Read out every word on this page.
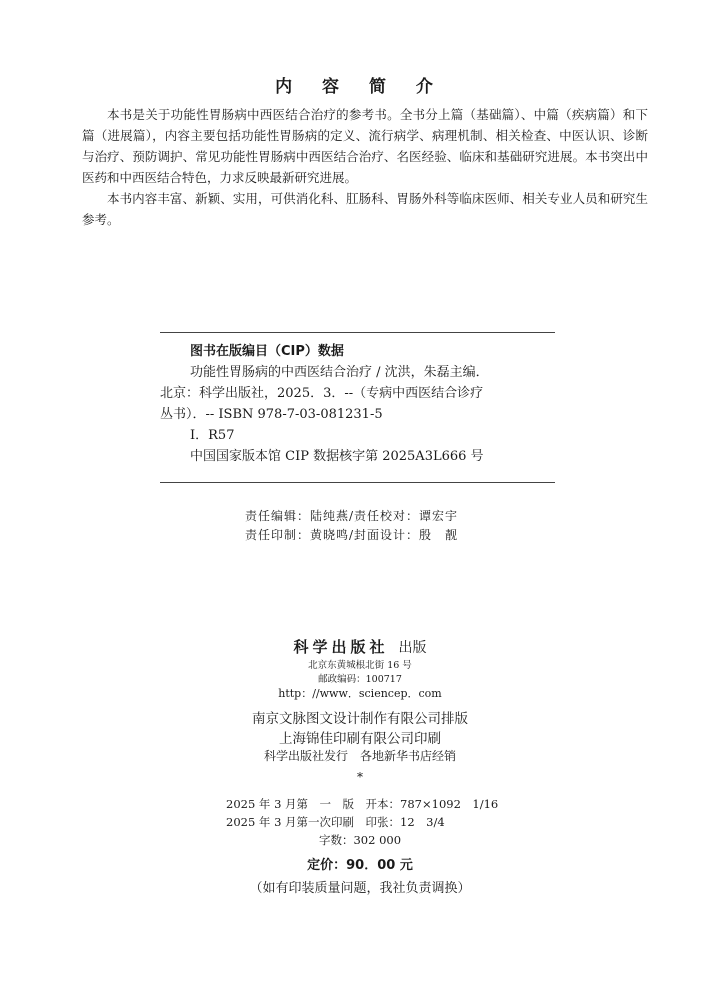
内 容 简 介

本书是关于功能性胃肠病中西医结合治疗的参考书。全书分上篇（基础篇）、中篇（疾病篇）和下篇（进展篇），内容主要包括功能性胃肠病的定义、流行病学、病理机制、相关检查、中医认识、诊断与治疗、预防调护、常见功能性胃肠病中西医结合治疗、名医经验、临床和基础研究进展。本书突出中医药和中西医结合特色，力求反映最新研究进展。

本书内容丰富、新颖、实用，可供消化科、肛肠科、胃肠外科等临床医师、相关专业人员和研究生参考。

图书在版编目（CIP）数据
功能性胃肠病的中西医结合治疗 / 沈洪，朱磊主编．
北京：科学出版社，2025．3．--（专病中西医结合诊疗
丛书）．-- ISBN 978-7-03-081231-5
Ⅰ．R57
中国国家版本馆 CIP 数据核字第 2025A3L666 号
责任编辑：陆纯燕/责任校对：谭宏宇
责任印制：黄晓鸣/封面设计：殷　靓
科学出版社 出版
北京东黄城根北街 16 号
邮政编码：100717
http：//www．sciencep．com
南京文脉图文设计制作有限公司排版
上海锦佳印刷有限公司印刷
科学出版社发行　各地新华书店经销
*
2025 年 3 月第　一　版　开本：787×1092　1/16
2025 年 3 月第一次印刷　印张：12　3/4
字数：302 000
定价：90．00 元
（如有印装质量问题，我社负责调换）
